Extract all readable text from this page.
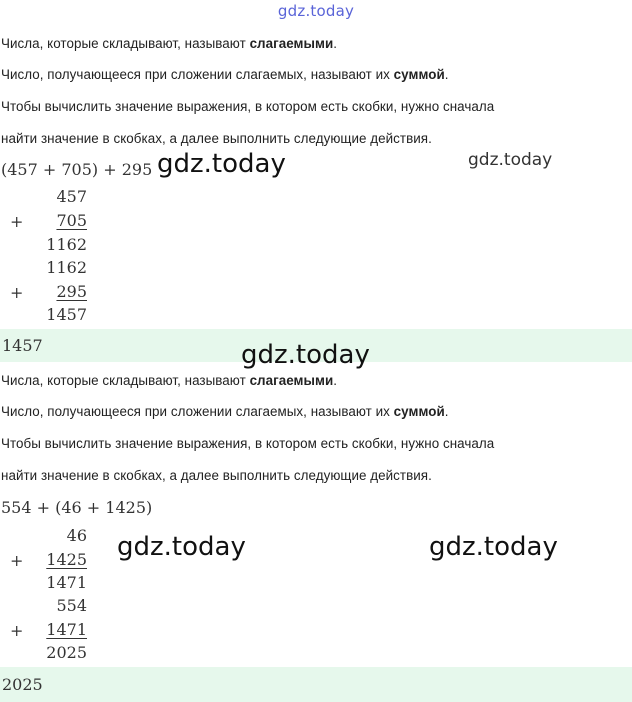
gdz.today
Числа, которые складывают, называют слагаемыми.
Число, получающееся при сложении слагаемых, называют их суммой.
Чтобы вычислить значение выражения, в котором есть скобки, нужно сначала
найти значение в скобках, а далее выполнить следующие действия.
(457 + 705) + 295 gdz.today	gdz.today
457
+	705
1162
1162
+	295
1457
1457	gdz.today
Числа, которые складывают, называют слагаемыми.
Число, получающееся при сложении слагаемых, называют их суммой.
Чтобы вычислить значение выражения, в котором есть скобки, нужно сначала
найти значение в скобках, а далее выполнить следующие действия.
554 + (46 + 1425)
46
+	1425
1471
554
+	1471
2025
gdz.today	gdz.today
2025
